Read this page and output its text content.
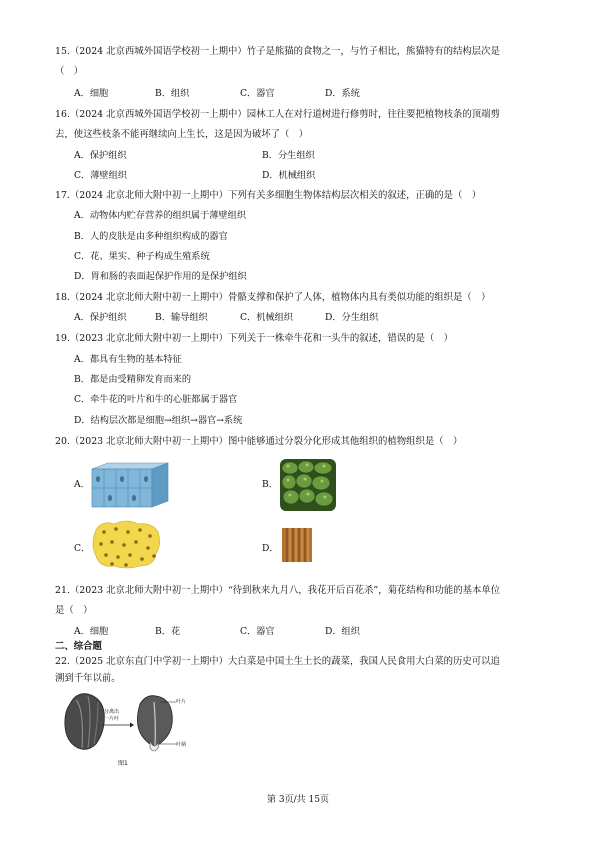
15.（2024 北京西城外国语学校初一上期中）竹子是熊猫的食物之一，与竹子相比，熊猫特有的结构层次是
（　）
A．细胞	B．组织	C．器官	D．系统
16.（2024 北京西城外国语学校初一上期中）园林工人在对行道树进行修剪时，往往要把植物枝条的顶端剪
去，使这些枝条不能再继续向上生长，这是因为破坏了（　）
A．保护组织	B．分生组织
C．薄壁组织	D．机械组织
17.（2024 北京北师大附中初一上期中）下列有关多细胞生物体结构层次相关的叙述，正确的是（　）
A．动物体内贮存营养的组织属于薄壁组织
B．人的皮肤是由多种组织构成的器官
C．花、果实、种子构成生殖系统
D．胃和肠的表面起保护作用的是保护组织
18.（2024 北京北师大附中初一上期中）骨骼支撑和保护了人体，植物体内具有类似功能的组织是（　）
A．保护组织	B．输导组织	C．机械组织	D．分生组织
19.（2023 北京北师大附中初一上期中）下列关于一株牵牛花和一头牛的叙述，错误的是（　）
A．都具有生物的基本特征
B．都是由受精卵发育而来的
C．牵牛花的叶片和牛的心脏都属于器官
D．结构层次都是细胞→组织→器官→系统
20.（2023 北京北师大附中初一上期中）图中能够通过分裂分化形成其他组织的植物组织是（　）
A．	B．
C．	D．
21.（2023 北京北师大附中初一上期中）“待到秋来九月八，我花开后百花杀”，菊花结构和功能的基本单位
是（　）
A．细胞	B．花	C．器官	D．组织
二、综合题
22.（2025 北京东直门中学初一上期中）大白菜是中国土生土长的蔬菜，我国人民食用大白菜的历史可以追
溯到千年以前。
分离出
一片叶
叶片
叶柄
图1
第 3页/共 15页
